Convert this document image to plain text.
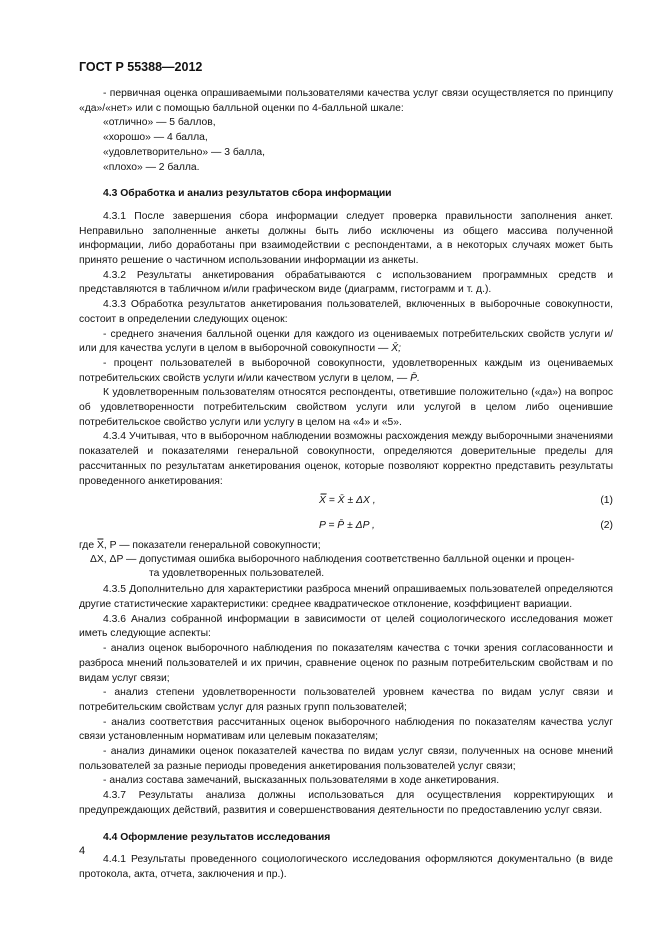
ГОСТ Р 55388—2012

- первичная оценка опрашиваемыми пользователями качества услуг связи осуществляется по принципу «да»/«нет» или с помощью балльной оценки по 4-балльной шкале:

«отлично» — 5 баллов,

«хорошо» — 4 балла,

«удовлетворительно» — 3 балла,

«плохо» — 2 балла.

4.3 Обработка и анализ результатов сбора информации

4.3.1 После завершения сбора информации следует проверка правильности заполнения анкет. Неправильно заполненные анкеты должны быть либо исключены из общего массива полученной информации, либо доработаны при взаимодействии с респондентами, а в некоторых случаях может быть принято решение о частичном использовании информации из анкеты.

4.3.2 Результаты анкетирования обрабатываются с использованием программных средств и представляются в табличном и/или графическом виде (диаграмм, гистограмм и т. д.).

4.3.3 Обработка результатов анкетирования пользователей, включенных в выборочные совокупности, состоит в определении следующих оценок:

- среднего значения балльной оценки для каждого из оцениваемых потребительских свойств услуги и/или для качества услуги в целом в выборочной совокупности — X̄;

- процент пользователей в выборочной совокупности, удовлетворенных каждым из оцениваемых потребительских свойств услуги и/или качеством услуги в целом, — P̄.

К удовлетворенным пользователям относятся респонденты, ответившие положительно («да») на вопрос об удовлетворенности потребительским свойством услуги или услугой в целом либо оценившие потребительское свойство услуги или услугу в целом на «4» и «5».

4.3.4 Учитывая, что в выборочном наблюдении возможны расхождения между выборочными значениями показателей и показателями генеральной совокупности, определяются доверительные пределы для рассчитанных по результатам анкетирования оценок, которые позволяют корректно представить результаты проведенного анкетирования:

X̿ = X̄ ± ΔX ,	(1)
P = P̄ ± ΔP ,	(2)
где X̿, P — показатели генеральной совокупности;
ΔX, ΔP — допустимая ошибка выборочного наблюдения соответственно балльной оценки и процен-
та удовлетворенных пользователей.

4.3.5 Дополнительно для характеристики разброса мнений опрашиваемых пользователей определяются другие статистические характеристики: среднее квадратическое отклонение, коэффициент вариации.

4.3.6 Анализ собранной информации в зависимости от целей социологического исследования может иметь следующие аспекты:

- анализ оценок выборочного наблюдения по показателям качества с точки зрения согласованности и разброса мнений пользователей и их причин, сравнение оценок по разным потребительским свойствам и по видам услуг связи;

- анализ степени удовлетворенности пользователей уровнем качества по видам услуг связи и потребительским свойствам услуг для разных групп пользователей;

- анализ соответствия рассчитанных оценок выборочного наблюдения по показателям качества услуг связи установленным нормативам или целевым показателям;

- анализ динамики оценок показателей качества по видам услуг связи, полученных на основе мнений пользователей за разные периоды проведения анкетирования пользователей услуг связи;

- анализ состава замечаний, высказанных пользователями в ходе анкетирования.

4.3.7 Результаты анализа должны использоваться для осуществления корректирующих и предупреждающих действий, развития и совершенствования деятельности по предоставлению услуг связи.

4.4 Оформление результатов исследования

4.4.1 Результаты проведенного социологического исследования оформляются документально (в виде протокола, акта, отчета, заключения и пр.).

4
